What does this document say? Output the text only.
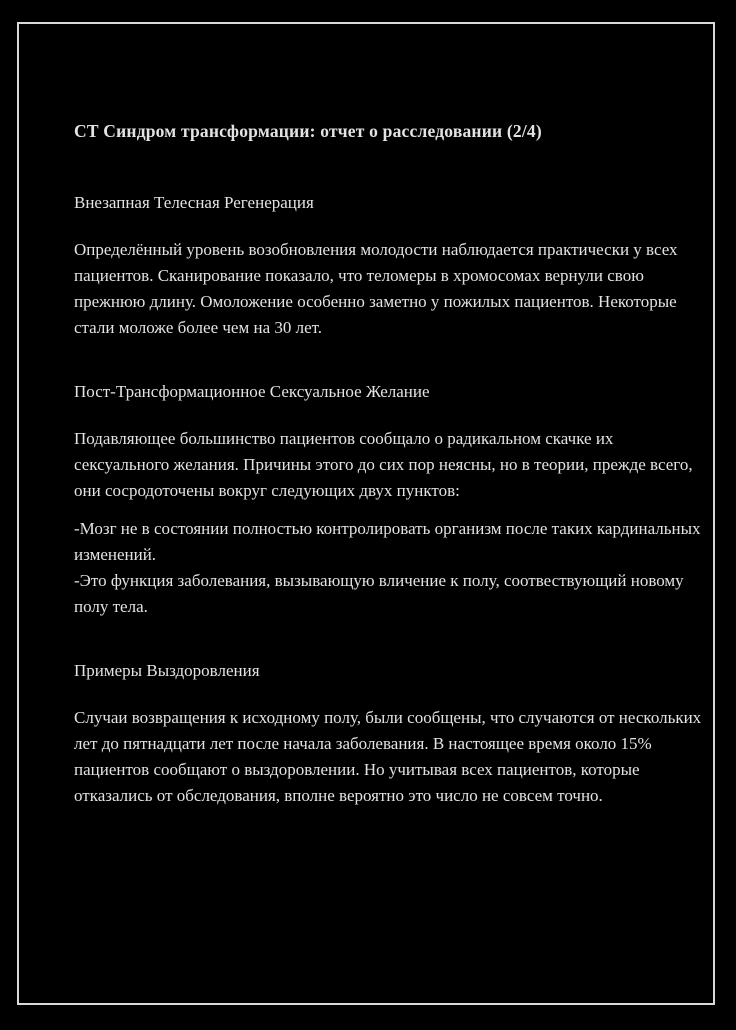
СТ Синдром трансформации: отчет о расследовании (2/4)
Внезапная Телесная Регенерация

Определённый уровень возобновления молодости наблюдается практически у всех пациентов. Сканирование показало, что теломеры в хромосомах вернули свою прежнюю длину. Омоложение особенно заметно у пожилых пациентов. Некоторые стали моложе более чем на 30 лет.

Пост-Трансформационное Сексуальное Желание

Подавляющее большинство пациентов сообщало о радикальном скачке их сексуального желания. Причины этого до сих пор неясны, но в теории, прежде всего, они сосродоточены вокруг следующих двух пунктов:

-Мозг не в состоянии полностью контролировать организм после таких кардинальных изменений.

-Это функция заболевания, вызывающую вличение к полу, соотвествующий новому полу тела.

Примеры Выздоровления

Случаи возвращения к исходному полу, были сообщены, что случаются от нескольких лет до пятнадцати лет после начала заболевания. В настоящее время около 15% пациентов сообщают о выздоровлении. Но учитывая всех пациентов, которые отказались от обследования, вполне вероятно это число не совсем точно.
